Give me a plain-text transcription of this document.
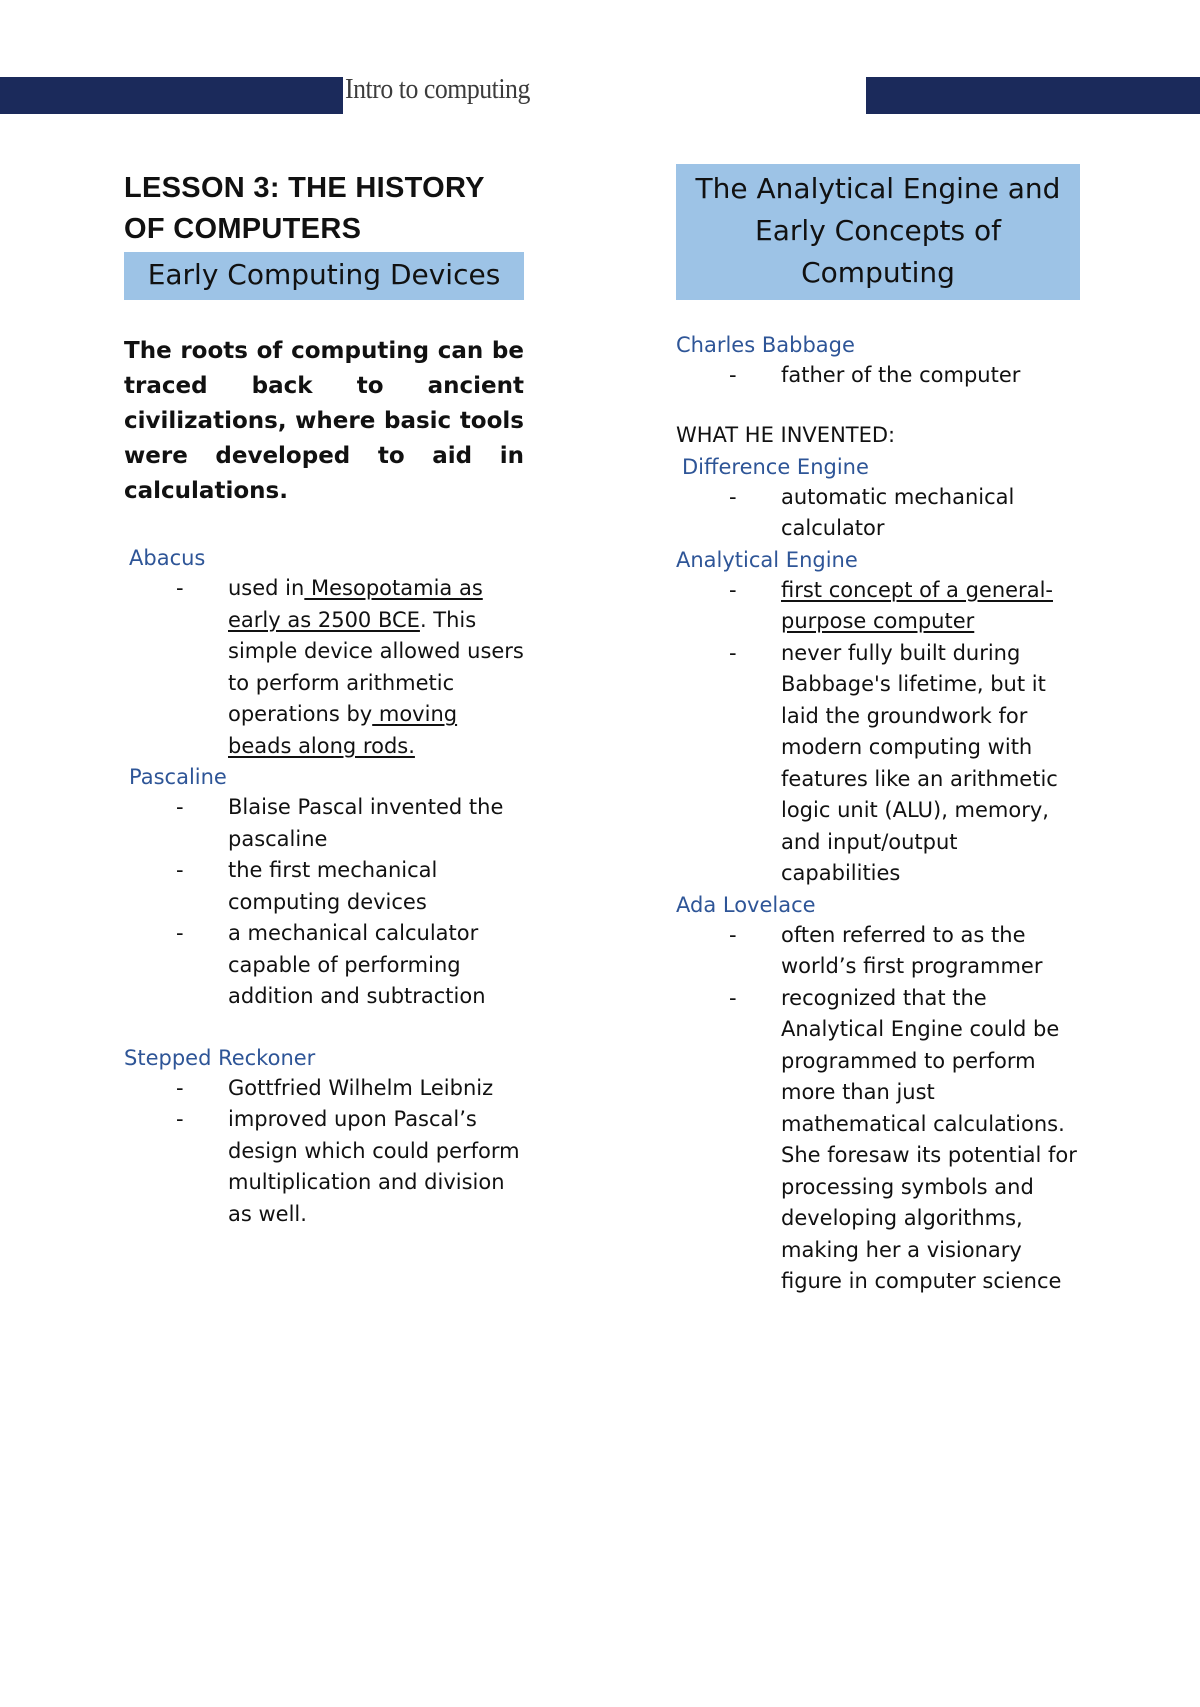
Intro to computing
LESSON 3: THE HISTORY OF COMPUTERS
Early Computing Devices
The roots of computing can be traced back to ancient civilizations, where basic tools were developed to aid in calculations.
Abacus
- used in Mesopotamia as early as 2500 BCE. This simple device allowed users to perform arithmetic operations by moving beads along rods.
Pascaline
- Blaise Pascal invented the pascaline
- the first mechanical computing devices
- a mechanical calculator capable of performing addition and subtraction
Stepped Reckoner
- Gottfried Wilhelm Leibniz
- improved upon Pascal’s design which could perform multiplication and division as well.
The Analytical Engine and Early Concepts of Computing
Charles Babbage
- father of the computer
WHAT HE INVENTED:
Difference Engine
- automatic mechanical calculator
Analytical Engine
- first concept of a general-purpose computer
- never fully built during Babbage's lifetime, but it laid the groundwork for modern computing with features like an arithmetic logic unit (ALU), memory, and input/output capabilities
Ada Lovelace
- often referred to as the world’s first programmer
- recognized that the Analytical Engine could be programmed to perform more than just mathematical calculations. She foresaw its potential for processing symbols and developing algorithms, making her a visionary figure in computer science
